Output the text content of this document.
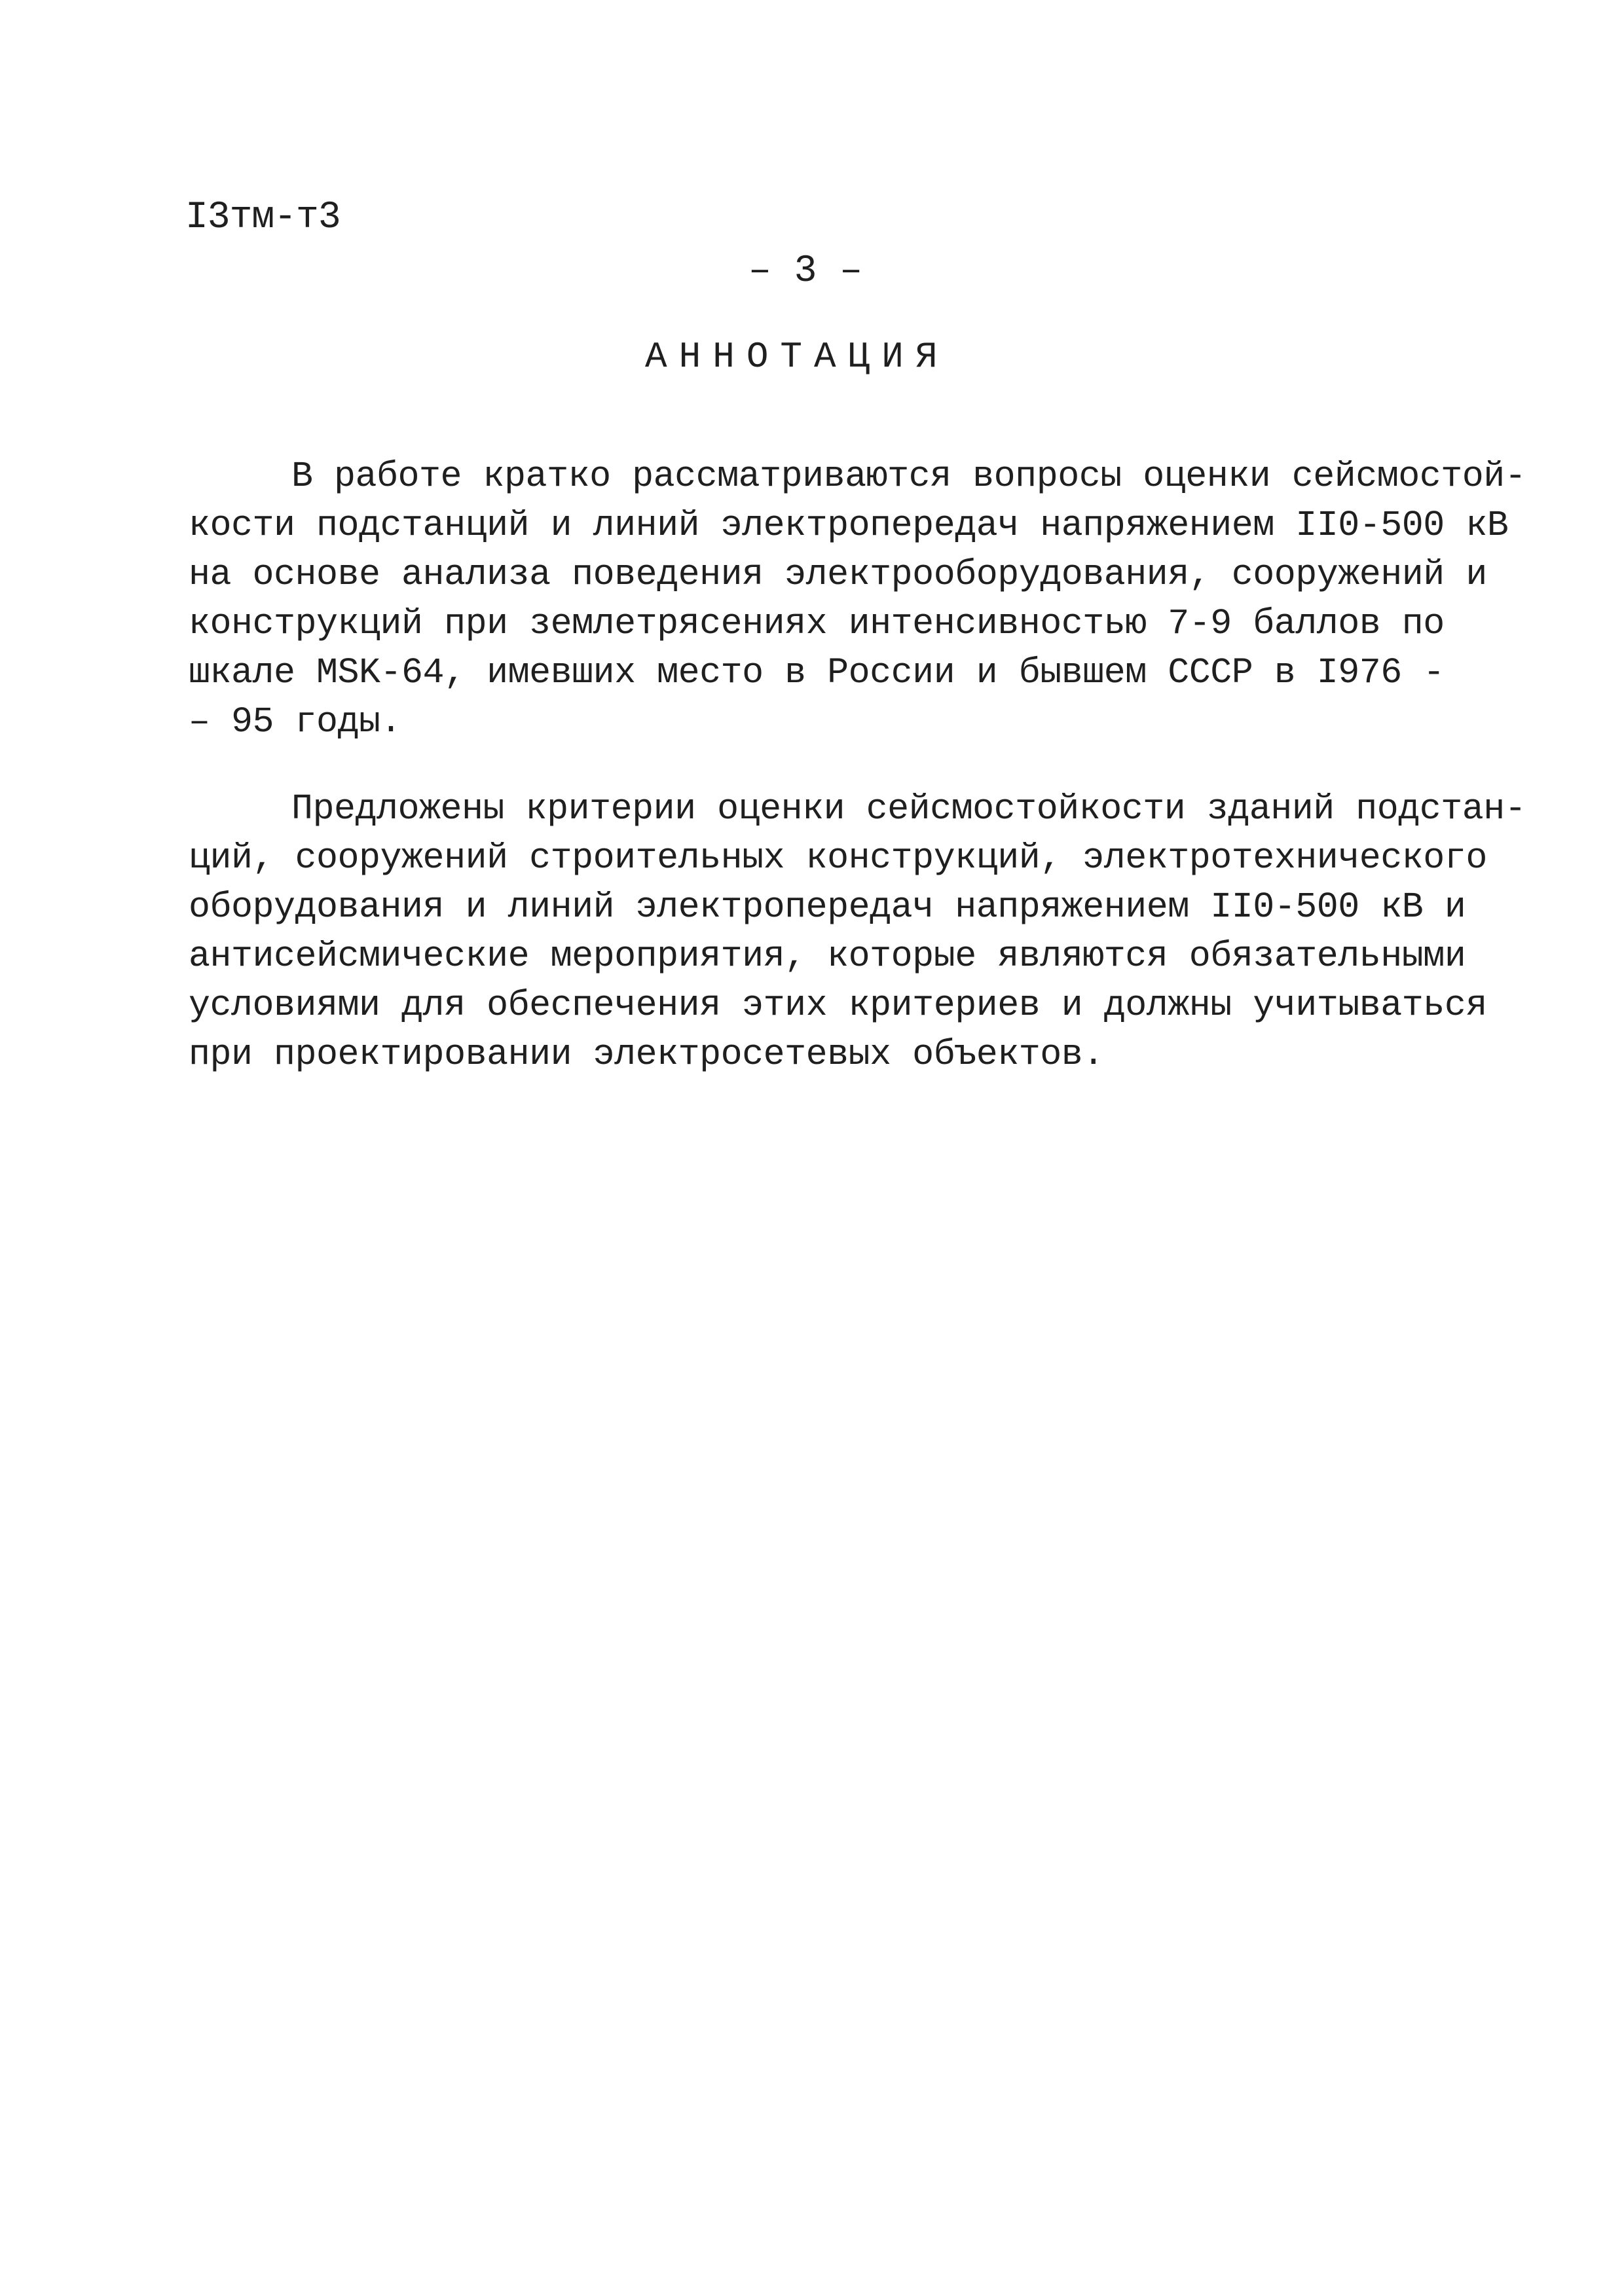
I3тм-т3
– 3 –
АННОТАЦИЯ
В работе кратко рассматриваются вопросы оценки сейсмостой-
кости подстанций и линий электропередач напряжением II0-500 кВ
на основе анализа поведения электрооборудования, сооружений и
конструкций при землетрясениях интенсивностью 7-9 баллов по
шкале MSK-64, имевших место в России и бывшем СССР в I976 -
– 95 годы.
Предложены критерии оценки сейсмостойкости зданий подстан-
ций, сооружений строительных конструкций, электротехнического
оборудования и линий электропередач напряжением II0-500 кВ и
антисейсмические мероприятия, которые являются обязательными
условиями для обеспечения этих критериев и должны учитываться
при проектировании электросетевых объектов.
